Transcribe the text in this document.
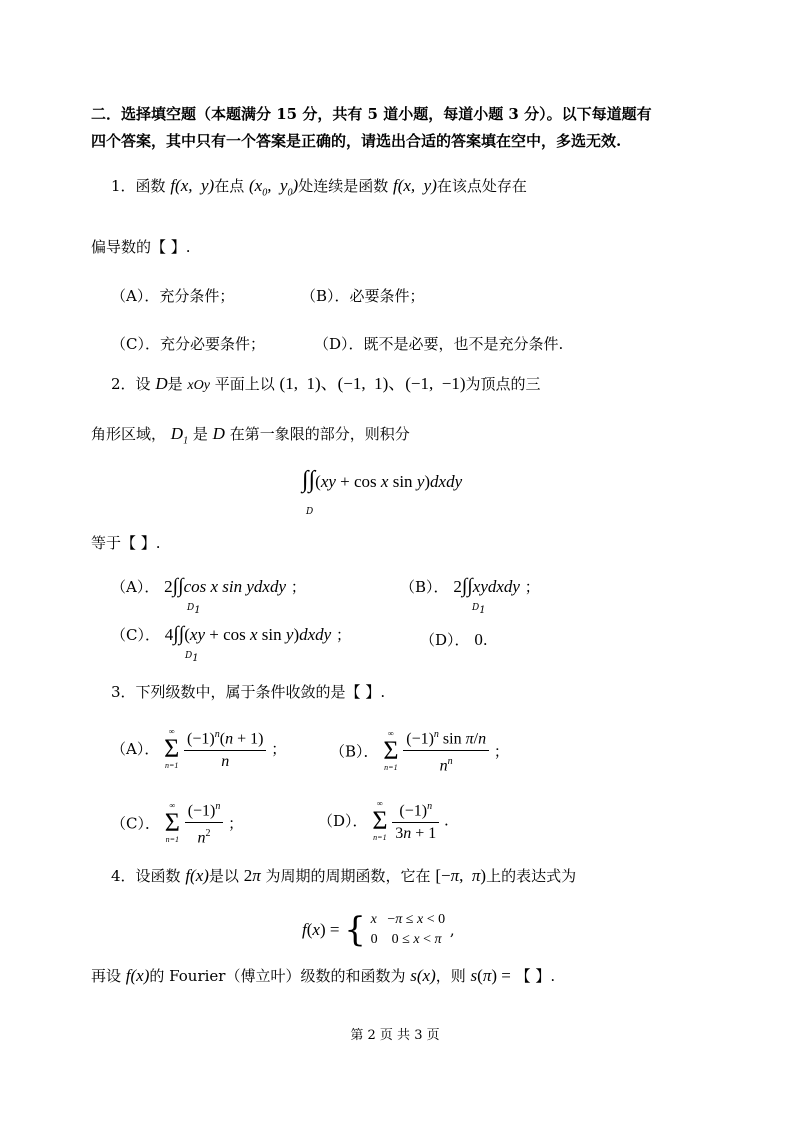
二．选择填空题（本题满分 15 分，共有 5 道小题，每道小题 3 分）。以下每道题有
四个答案，其中只有一个答案是正确的，请选出合适的答案填在空中，多选无效.
1．函数 f(x,  y)在点 ($x_0$,  $y_0$)处连续是函数 f(x,  y)在该点处存在
偏导数的【 】.
（A）．充分条件；	（B）．必要条件；
（C）．充分必要条件；	（D）．既不是必要，也不是充分条件.
2．设 D是 xOy 平面上以 (1,  1)、(−1,  1)、(−1,  −1)为顶点的三
角形区域， $D_1$ 是 D 在第一象限的部分，则积分
∫∫(xy + cos x sin y)dxdy
D
等于【 】.
（A）． 2∫∫cos x sin ydxdy ；
$D_1$
（B）． 2∫∫xydxdy ；
$D_1$
（C）． 4∫∫(xy + cos x sin y)dxdy ；
$D_1$
（D）． 0.
3．下列级数中，属于条件收敛的是【 】.
（A）．
∞
Σ
n=1
$\frac{(-1)^n(n + 1)}{n}$ ；	（B）．
∞
Σ
n=1
$\frac{(-1)^n \sin \pi/n}{n^n}$ ；
（C）．
∞
Σ
n=1
$\frac{(-1)^n}{n^2}$ ；	（D）．
∞
Σ
n=1
$\frac{(-1)^n}{3n + 1}$ .
4．设函数 f(x)是以 2π 为周期的周期函数，它在 [−π,  π)上的表达式为
f(x) = { x   −π ≤ x < 0
0    0 ≤ x < π ,
再设 f(x)的 Fourier（傅立叶）级数的和函数为 s(x)，则 s(π) = 【 】.
第 2 页 共 3 页
